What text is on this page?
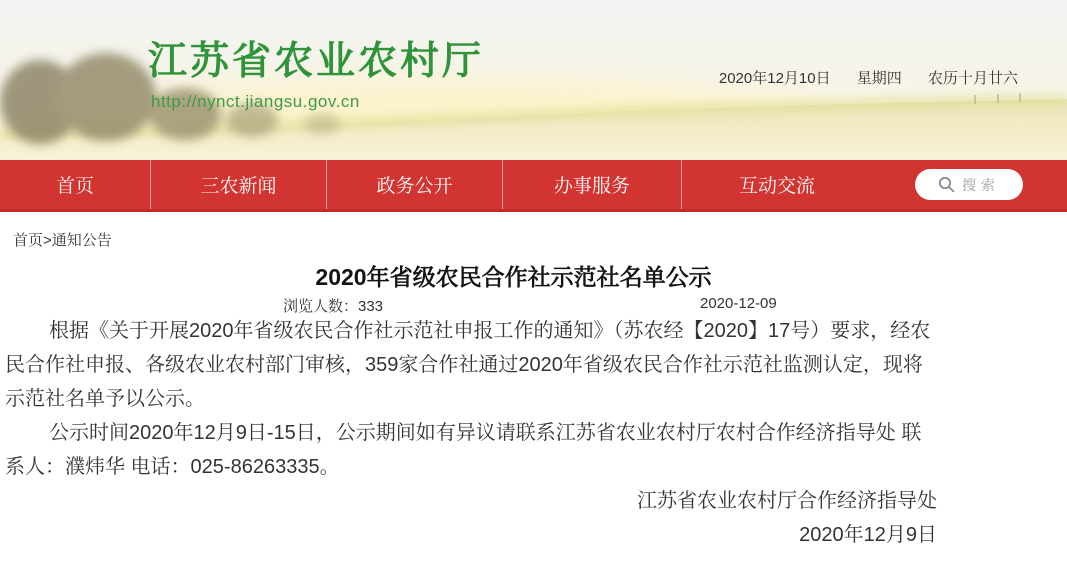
江苏省农业农村厅
http://nynct.jiangsu.gov.cn
2020年12月10日 星期四 农历十月廿六
首页	三农新闻	政务公开	办事服务	互动交流	搜索
首页>通知公告
2020年省级农民合作社示范社名单公示
浏览人数：333	2020-12-09

根据《关于开展2020年省级农民合作社示范社申报工作的通知》（苏农经【2020】17号）要求，经农民合作社申报、各级农业农村部门审核，359家合作社通过2020年省级农民合作社示范社监测认定，现将示范社名单予以公示。

公示时间2020年12月9日-15日，公示期间如有异议请联系江苏省农业农村厅农村合作经济指导处 联系人：濮炜华 电话：025-86263335。

江苏省农业农村厅合作经济指导处

2020年12月9日
